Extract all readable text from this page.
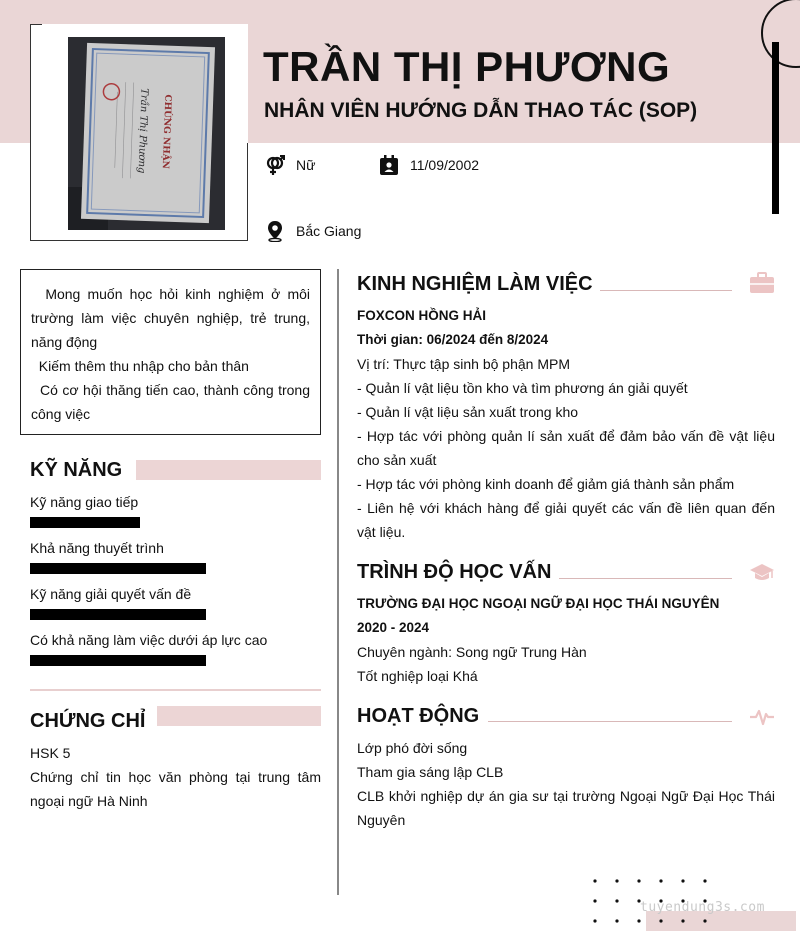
TRẦN THỊ PHƯƠNG
NHÂN VIÊN HƯỚNG DẪN THAO TÁC (SOP)
Nữ	11/09/2002
Bắc Giang

Mong muốn học hỏi kinh nghiệm ở môi trường làm việc chuyên nghiệp, trẻ trung, năng động

Kiếm thêm thu nhập cho bản thân

Có cơ hội thăng tiến cao, thành công trong công việc

KỸ NĂNG
Kỹ năng giao tiếp
Khả năng thuyết trình
Kỹ năng giải quyết vấn đề
Có khả năng làm việc dưới áp lực cao
CHỨNG CHỈ
HSK 5
Chứng chỉ tin học văn phòng tại trung tâm ngoại ngữ Hà Ninh
KINH NGHIỆM LÀM VIỆC
FOXCON HỒNG HẢI
Thời gian: 06/2024 đến 8/2024
Vị trí: Thực tập sinh bộ phận MPM
- Quản lí vật liệu tồn kho và tìm phương án giải quyết
- Quản lí vật liệu sản xuất trong kho
- Hợp tác với phòng quản lí sản xuất để đảm bảo vấn đề vật liệu cho sản xuất
- Hợp tác với phòng kinh doanh để giảm giá thành sản phẩm
- Liên hệ với khách hàng để giải quyết các vấn đề liên quan đến vật liệu.
TRÌNH ĐỘ HỌC VẤN
TRƯỜNG ĐẠI HỌC NGOẠI NGỮ ĐẠI HỌC THÁI NGUYÊN
2020 - 2024
Chuyên ngành: Song ngữ Trung Hàn
Tốt nghiệp loại Khá
HOẠT ĐỘNG
Lớp phó đời sống
Tham gia sáng lập CLB
CLB khởi nghiệp dự án gia sư tại trường Ngoại Ngữ Đại Học Thái Nguyên
tuyendung3s.com
